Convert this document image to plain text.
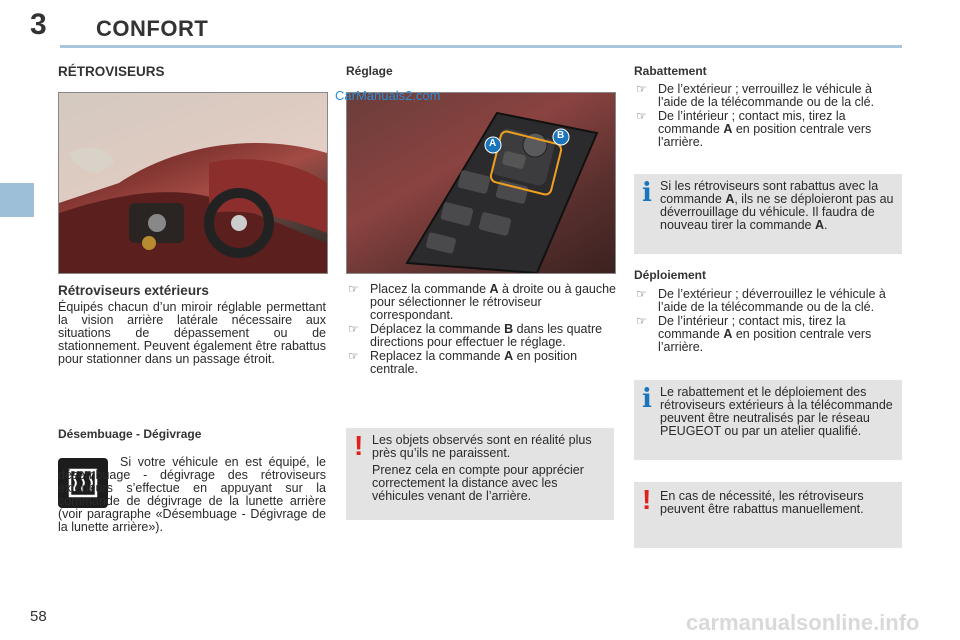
3 CONFORT
RÉTROVISEURS
Rétroviseurs extérieurs

Équipés chacun d’un miroir réglable permettant la vision arrière latérale nécessaire aux situations de dépassement ou de stationnement. Peuvent également être rabattus pour stationner dans un passage étroit.

Désembuage - Dégivrage

Si votre véhicule en est équipé, le désembuage - dégivrage des rétroviseurs extérieurs s’effectue en appuyant sur la commande de dégivrage de la lunette arrière (voir paragraphe «Désembuage - Dégivrage de la lunette arrière»).

Réglage
A
B
☞ Placez la commande A à droite ou à gauche pour sélectionner le rétroviseur correspondant.
☞ Déplacez la commande B dans les quatre directions pour effectuer le réglage.
☞ Replacez la commande A en position centrale.
! Les objets observés sont en réalité plus près qu’ils ne paraissent.

Prenez cela en compte pour apprécier correctement la distance avec les véhicules venant de l’arrière.

Rabattement
☞ De l’extérieur ; verrouillez le véhicule à l’aide de la télécommande ou de la clé.
☞ De l’intérieur ; contact mis, tirez la commande A en position centrale vers l’arrière.
i Si les rétroviseurs sont rabattus avec la commande A, ils ne se déploieront pas au déverrouillage du véhicule. Il faudra de nouveau tirer la commande A.

Déploiement
☞ De l’extérieur ; déverrouillez le véhicule à l’aide de la télécommande ou de la clé.
☞ De l’intérieur ; contact mis, tirez la commande A en position centrale vers l’arrière.
i Le rabattement et le déploiement des rétroviseurs extérieurs à la télécommande peuvent être neutralisés par le réseau PEUGEOT ou par un atelier qualifié.

! En cas de nécessité, les rétroviseurs peuvent être rabattus manuellement.

58
CarManuals2.com
carmanualsonline.info
